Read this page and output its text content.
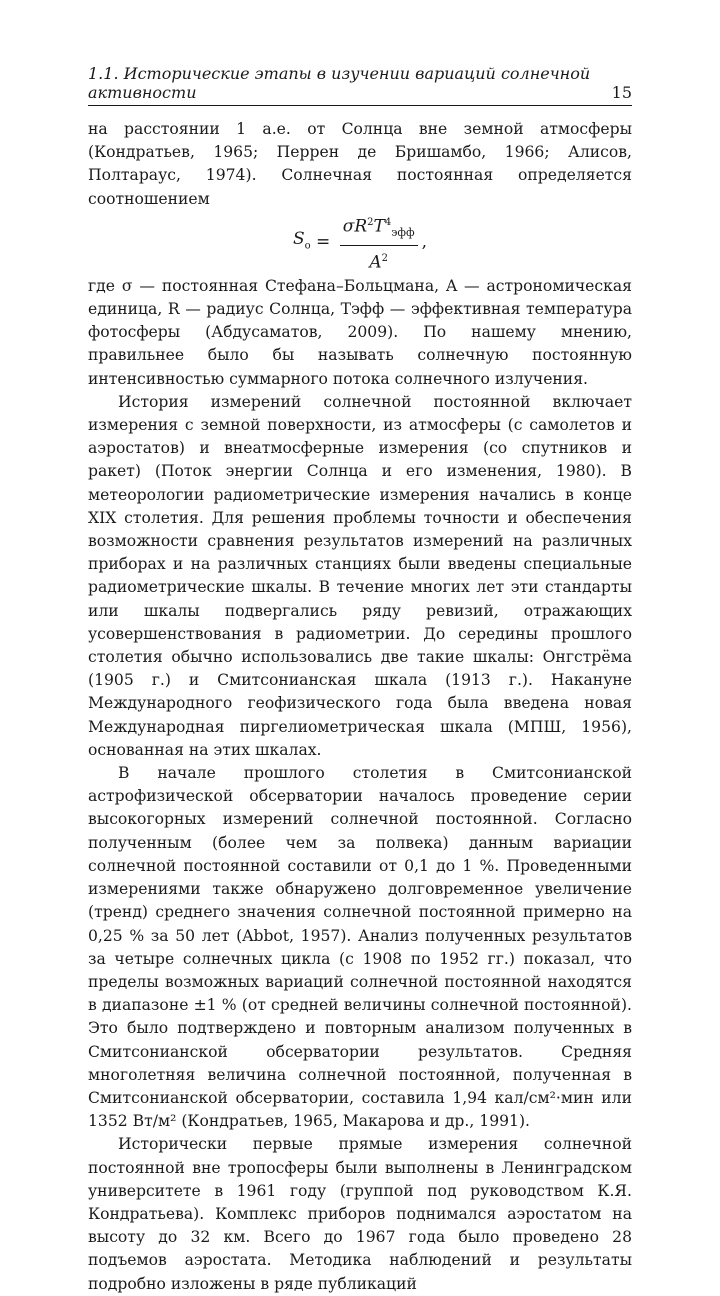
1.1. Исторические этапы в изучении вариаций солнечной активности	15

на расстоянии 1 а.е. от Солнца вне земной атмосферы (Кондратьев, 1965; Перрен де Бришамбо, 1966; Алисов, Полтараус, 1974). Солнечная постоянная определяется соотношением

$S_o = \frac{\sigma R^2T^4_{эфф}}{A^2}$ ,

где σ — постоянная Стефана–Больцмана, A — астрономическая единица, R — радиус Солнца, Tэфф — эффективная температура фотосферы (Абдусаматов, 2009). По нашему мнению, правильнее было бы называть солнечную постоянную интенсивностью суммарного потока солнечного излучения.

История измерений солнечной постоянной включает измерения с земной поверхности, из атмосферы (с самолетов и аэростатов) и внеатмосферные измерения (со спутников и ракет) (Поток энергии Солнца и его изменения, 1980). В метеорологии радиометрические измерения начались в конце XIX столетия. Для решения проблемы точности и обеспечения возможности сравнения результатов измерений на различных приборах и на различных станциях были введены специальные радиометрические шкалы. В течение многих лет эти стандарты или шкалы подвергались ряду ревизий, отражающих усовершенствования в радиометрии. До середины прошлого столетия обычно использовались две такие шкалы: Онгстрёма (1905 г.) и Смитсонианская шкала (1913 г.). Накануне Международного геофизического года была введена новая Международная пиргелиометрическая шкала (МПШ, 1956), основанная на этих шкалах.

В начале прошлого столетия в Смитсонианской астрофизической обсерватории началось проведение серии высокогорных измерений солнечной постоянной. Согласно полученным (более чем за полвека) данным вариации солнечной постоянной составили от 0,1 до 1 %. Проведенными измерениями также обнаружено долговременное увеличение (тренд) среднего значения солнечной постоянной примерно на 0,25 % за 50 лет (Abbot, 1957). Анализ полученных результатов за четыре солнечных цикла (с 1908 по 1952 гг.) показал, что пределы возможных вариаций солнечной постоянной находятся в диапазоне ±1 % (от средней величины солнечной постоянной). Это было подтверждено и повторным анализом полученных в Смитсонианской обсерватории результатов. Средняя многолетняя величина солнечной постоянной, полученная в Смитсонианской обсерватории, составила 1,94 кал/см²·мин или 1352 Вт/м² (Кондратьев, 1965, Макарова и др., 1991).

Исторически первые прямые измерения солнечной постоянной вне тропосферы были выполнены в Ленинградском университете в 1961 году (группой под руководством К.Я. Кондратьева). Комплекс приборов поднимался аэростатом на высоту до 32 км. Всего до 1967 года было проведено 28 подъемов аэростата. Методика наблюдений и результаты подробно изложены в ряде публикаций
